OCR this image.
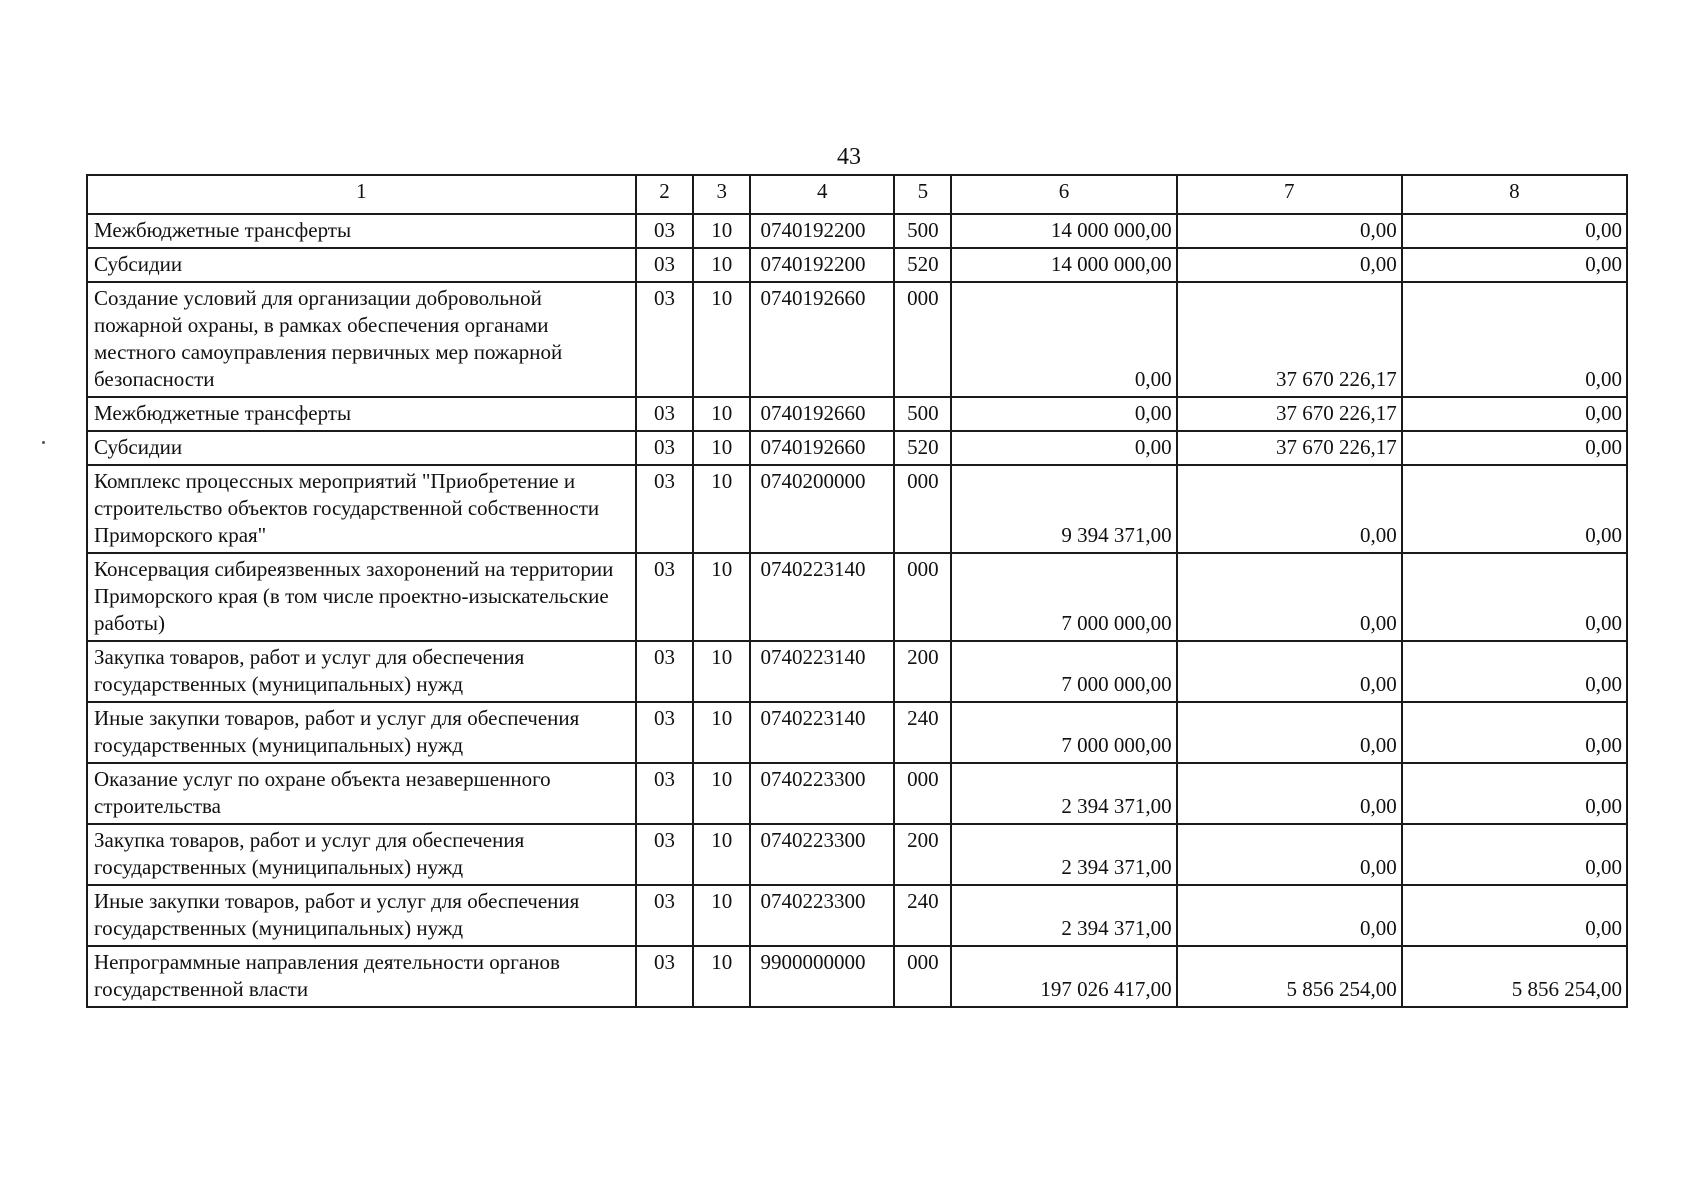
43
1	2	3	4	5	6	7	8
Межбюджетные трансферты	03	10	0740192200	500	14 000 000,00	0,00	0,00
Субсидии	03	10	0740192200	520	14 000 000,00	0,00	0,00
Создание условий для организации добровольной пожарной охраны, в рамках обеспечения органами местного самоуправления первичных мер пожарной безопасности	03	10	0740192660	000	0,00	37 670 226,17	0,00
Межбюджетные трансферты	03	10	0740192660	500	0,00	37 670 226,17	0,00
Субсидии	03	10	0740192660	520	0,00	37 670 226,17	0,00
Комплекс процессных мероприятий "Приобретение и строительство объектов государственной собственности Приморского края"	03	10	0740200000	000	9 394 371,00	0,00	0,00
Консервация сибиреязвенных захоронений на территории Приморского края (в том числе проектно-изыскательские работы)	03	10	0740223140	000	7 000 000,00	0,00	0,00
Закупка товаров, работ и услуг для обеспечения государственных (муниципальных) нужд	03	10	0740223140	200	7 000 000,00	0,00	0,00
Иные закупки товаров, работ и услуг для обеспечения государственных (муниципальных) нужд	03	10	0740223140	240	7 000 000,00	0,00	0,00
Оказание услуг по охране объекта незавершенного строительства	03	10	0740223300	000	2 394 371,00	0,00	0,00
Закупка товаров, работ и услуг для обеспечения государственных (муниципальных) нужд	03	10	0740223300	200	2 394 371,00	0,00	0,00
Иные закупки товаров, работ и услуг для обеспечения государственных (муниципальных) нужд	03	10	0740223300	240	2 394 371,00	0,00	0,00
Непрограммные направления деятельности органов государственной власти	03	10	9900000000	000	197 026 417,00	5 856 254,00	5 856 254,00
